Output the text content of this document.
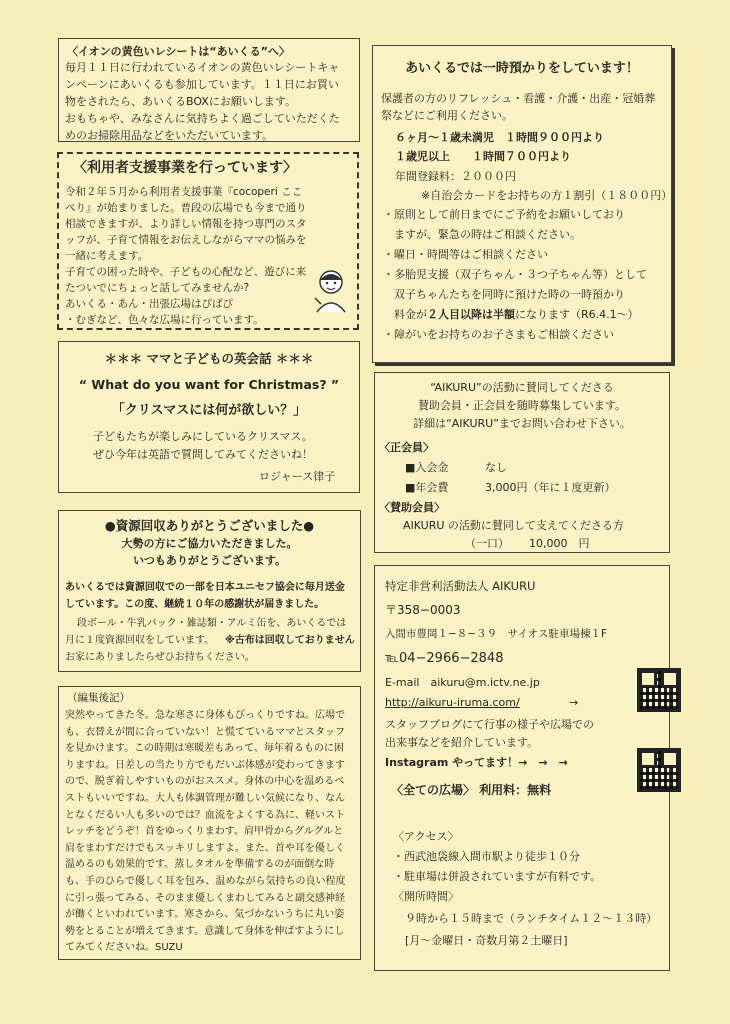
〈イオンの黄色いレシートは“あいくる”へ〉

毎月１１日に行われているイオンの黄色いレシートキャ

ンペーンにあいくるも参加しています。１１日にお買い

物をされたら、あいくるBOXにお願いします。

おもちゃや、みなさんに気持ちよく過ごしていただくた

めのお掃除用品などをいただいています。

〈利用者支援事業を行っています〉

令和２年５月から利用者支援事業『cocoperi ここ

ぺり』が始まりました。普段の広場でも今まで通り

相談できますが、より詳しい情報を持つ専門のスタ

ッフが、子育て情報をお伝えしながらママの悩みを

一緒に考えます。

子育ての困った時や、子どもの心配など、遊びに来

たついでにちょっと話してみませんか?

あいくる・あん・出張広場はぴぱぴ

・むぎなど、色々な広場に行っています。

＊＊＊ ママと子どもの英会話 ＊＊＊

“ What do you want for Christmas? ”

「クリスマスには何が欲しい？」

子どもたちが楽しみにしているクリスマス。

ぜひ今年は英語で質問してみてくださいね！

ロジャース律子

●資源回収ありがとうございました●

大勢の方にご協力いただきました。

いつもありがとうございます。

あいくるでは資源回収での一部を日本ユニセフ協会に毎月送金

しています。この度、継続１０年の感謝状が届きました。

段ボール・牛乳パック・雑誌類・アルミ缶を、あいくるでは

月に１度資源回収をしています。 ※古布は回収しておりません

お家にありましたらぜひお持ちください。

（編集後記）

突然やってきた冬。急な寒さに身体もびっくりですね。広場で

も、衣替えが間に合っていない！と慌てているママとスタッフ

を見かけます。この時期は寒暖差もあって、毎年着るものに困

りますね。日差しの当たり方でもだいぶ体感が変わってきます

ので、脱ぎ着しやすいものがおススメ。身体の中心を温めるベ

ストもいいですね。大人も体調管理が難しい気候になり、なん

となくだるい人も多いのでは？血流をよくする為に、軽いスト

レッチをどうぞ！首をゆっくりまわす、肩甲骨からグルグルと

肩をまわすだけでもスッキリしますよ。また、首や耳を優しく

温めるのも効果的です。蒸しタオルを準備するのが面倒な時

も、手のひらで優しく耳を包み、温めながら気持ちの良い程度

に引っ張ってみる、そのまま優しくまわしてみると副交感神経

が働くといわれています。寒さから、気づかないうちに丸い姿

勢をとることが増えてきます。意識して身体を伸ばすようにし

てみてくださいね。SUZU

あいくるでは一時預かりをしています！

保護者の方のリフレッシュ・看護・介護・出産・冠婚葬

祭などにご利用ください。

６ヶ月〜１歳未満児　１時間９００円より

１歳児以上　　１時間７００円より

年間登録料：２０００円

※自治会カードをお持ちの方１割引（１８００円）

・原則として前日までにご予約をお願いしており

　ますが、緊急の時はご相談ください。

・曜日・時間等はご相談ください

・多胎児支援（双子ちゃん・３つ子ちゃん等）として

　双子ちゃんたちを同時に預けた時の一時預かり

　料金が２人目以降は半額になります（R6.4.1〜）

・障がいをお持ちのお子さまもご相談ください

“AIKURU”の活動に賛同してくださる

賛助会員・正会員を随時募集しています。

詳細は“AIKURU”までお問い合わせ下さい。

〈正会員〉

■入会金	なし

■年会費	3,000円（年に１度更新）

〈賛助会員〉

AIKURU の活動に賛同して支えてくださる方

（一口） 10,000　円

特定非営利活動法人 AIKURU

〒358−0003

入間市豊岡１−８−３９　サイオス駐車場棟１F

℡04−2966−2848

E-mail　aikuru@m.ictv.ne.jp

http://aikuru-iruma.com/	→

スタッフブログにて行事の様子や広場での

出来事などを紹介しています。

Instagram やってます！→　→　→

〈全ての広場〉 利用料：無料

〈アクセス〉

・西武池袋線入間市駅より徒歩１０分

・駐車場は併設されていますが有料です。

〈開所時間〉

９時から１５時まで（ランチタイム１２〜１３時）

[月〜金曜日・奇数月第２土曜日]
